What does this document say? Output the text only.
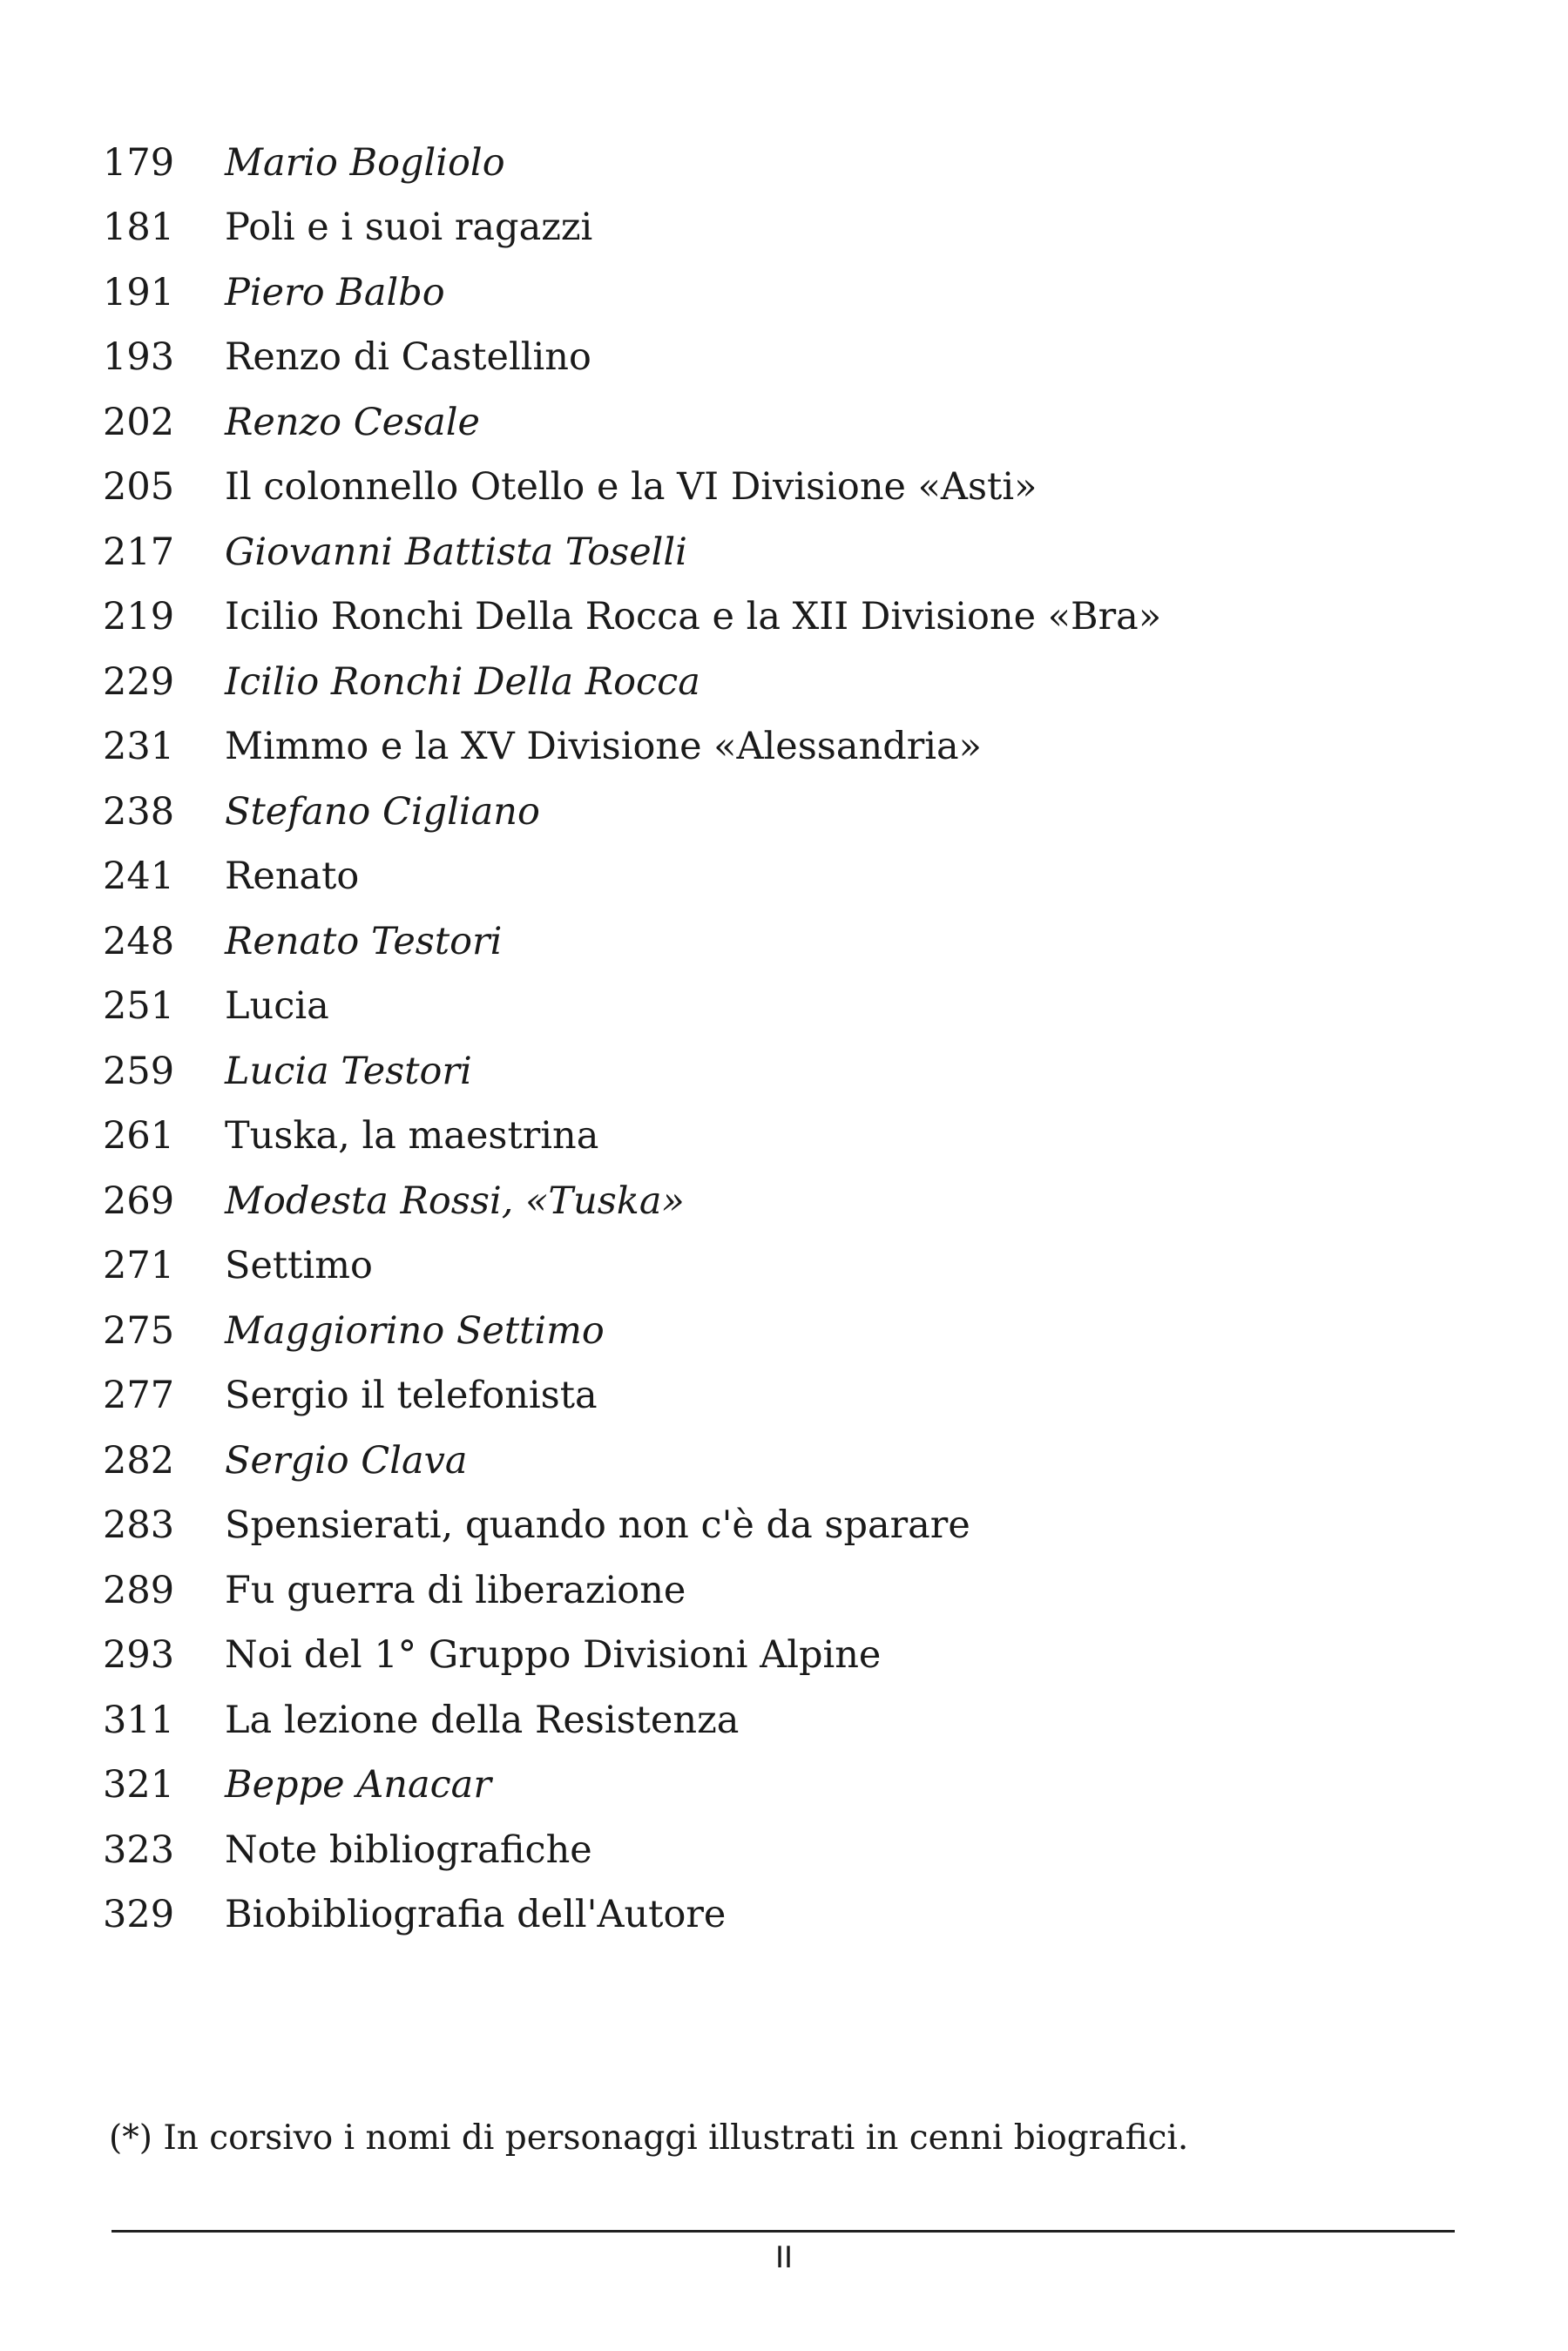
179	Mario Bogliolo
181	Poli e i suoi ragazzi
191	Piero Balbo
193	Renzo di Castellino
202	Renzo Cesale
205	Il colonnello Otello e la VI Divisione «Asti»
217	Giovanni Battista Toselli
219	Icilio Ronchi Della Rocca e la XII Divisione «Bra»
229	Icilio Ronchi Della Rocca
231	Mimmo e la XV Divisione «Alessandria»
238	Stefano Cigliano
241	Renato
248	Renato Testori
251	Lucia
259	Lucia Testori
261	Tuska, la maestrina
269	Modesta Rossi, «Tuska»
271	Settimo
275	Maggiorino Settimo
277	Sergio il telefonista
282	Sergio Clava
283	Spensierati, quando non c'è da sparare
289	Fu guerra di liberazione
293	Noi del 1° Gruppo Divisioni Alpine
311	La lezione della Resistenza
321	Beppe Anacar
323	Note bibliografiche
329	Biobibliografia dell'Autore
(*) In corsivo i nomi di personaggi illustrati in cenni biografici.
II
